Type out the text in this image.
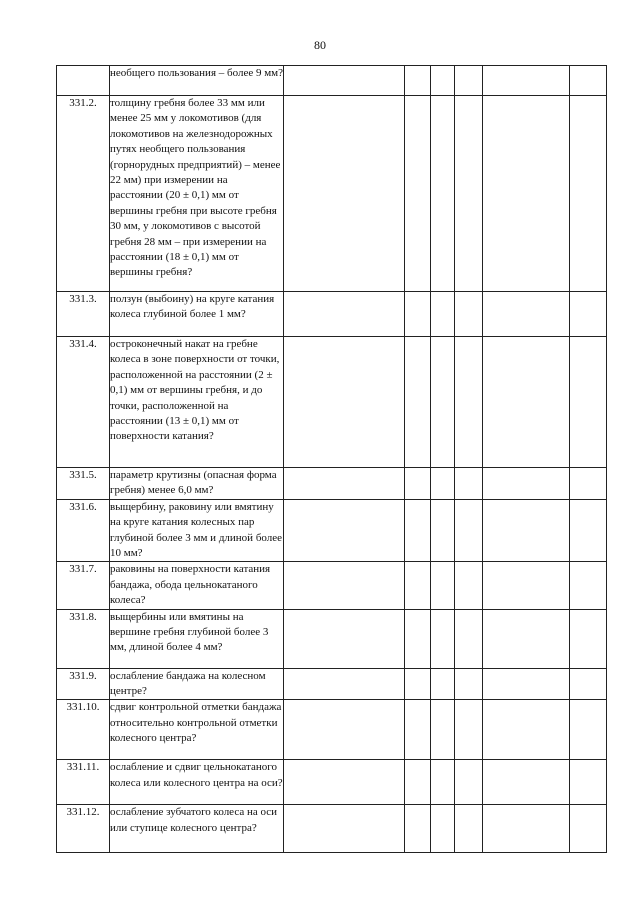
80
	необщего пользования – более 9 мм?						
331.2.	толщину гребня более 33 мм или менее 25 мм у локомотивов (для локомотивов на железнодорожных путях необщего пользования (горнорудных предприятий) – менее 22 мм) при измерении на расстоянии (20 ± 0,1) мм от вершины гребня при высоте гребня 30 мм, у локомотивов с высотой гребня 28 мм – при измерении на расстоянии (18 ± 0,1) мм от вершины гребня?						
331.3.	ползун (выбоину) на круге катания колеса глубиной более 1 мм?						
331.4.	остроконечный накат на гребне колеса в зоне поверхности от точки, расположенной на расстоянии (2 ± 0,1) мм от вершины гребня, и до точки, расположенной на расстоянии (13 ± 0,1) мм от поверхности катания?						
331.5.	параметр крутизны (опасная форма гребня) менее 6,0 мм?						
331.6.	выщербину, раковину или вмятину на круге катания колесных пар глубиной более 3 мм и длиной более 10 мм?						
331.7.	раковины на поверхности катания бандажа, обода цельнокатаного колеса?						
331.8.	выщербины или вмятины на вершине гребня глубиной более 3 мм, длиной более 4 мм?						
331.9.	ослабление бандажа на колесном центре?						
331.10.	сдвиг контрольной отметки бандажа относительно контрольной отметки колесного центра?						
331.11.	ослабление и сдвиг цельнокатаного колеса или колесного центра на оси?						
331.12.	ослабление зубчатого колеса на оси или ступице колесного центра?						
